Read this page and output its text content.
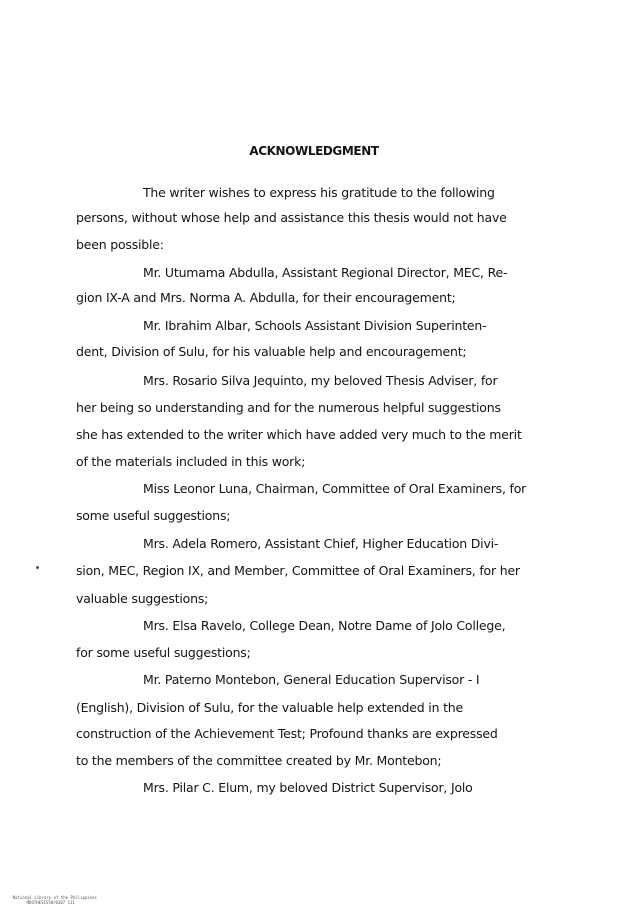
ACKNOWLEDGMENT
The writer wishes to express his gratitude to the following
persons, without whose help and assistance this thesis would not have
been possible:
Mr. Utumama Abdulla, Assistant Regional Director, MEC, Re-
gion IX-A and Mrs. Norma A. Abdulla, for their encouragement;
Mr. Ibrahim Albar, Schools Assistant Division Superinten-
dent, Division of Sulu, for his valuable help and encouragement;
Mrs. Rosario Silva Jequinto, my beloved Thesis Adviser, for
her being so understanding and for the numerous helpful suggestions
she has extended to the writer which have added very much to the merit
of the materials included in this work;
Miss Leonor Luna, Chairman, Committee of Oral Examiners, for
some useful suggestions;
Mrs. Adela Romero, Assistant Chief, Higher Education Divi-
sion, MEC, Region IX, and Member, Committee of Oral Examiners, for her
valuable suggestions;
Mrs. Elsa Ravelo, College Dean, Notre Dame of Jolo College,
for some useful suggestions;
Mr. Paterno Montebon, General Education Supervisor - I
(English), Division of Sulu, for the valuable help extended in the
construction of the Achievement Test; Profound thanks are expressed
to the members of the committee created by Mr. Montebon;
Mrs. Pilar C. Elum, my beloved District Supervisor, Jolo

National Library of the Philippines
MDOTHESIS5H/0307 111
